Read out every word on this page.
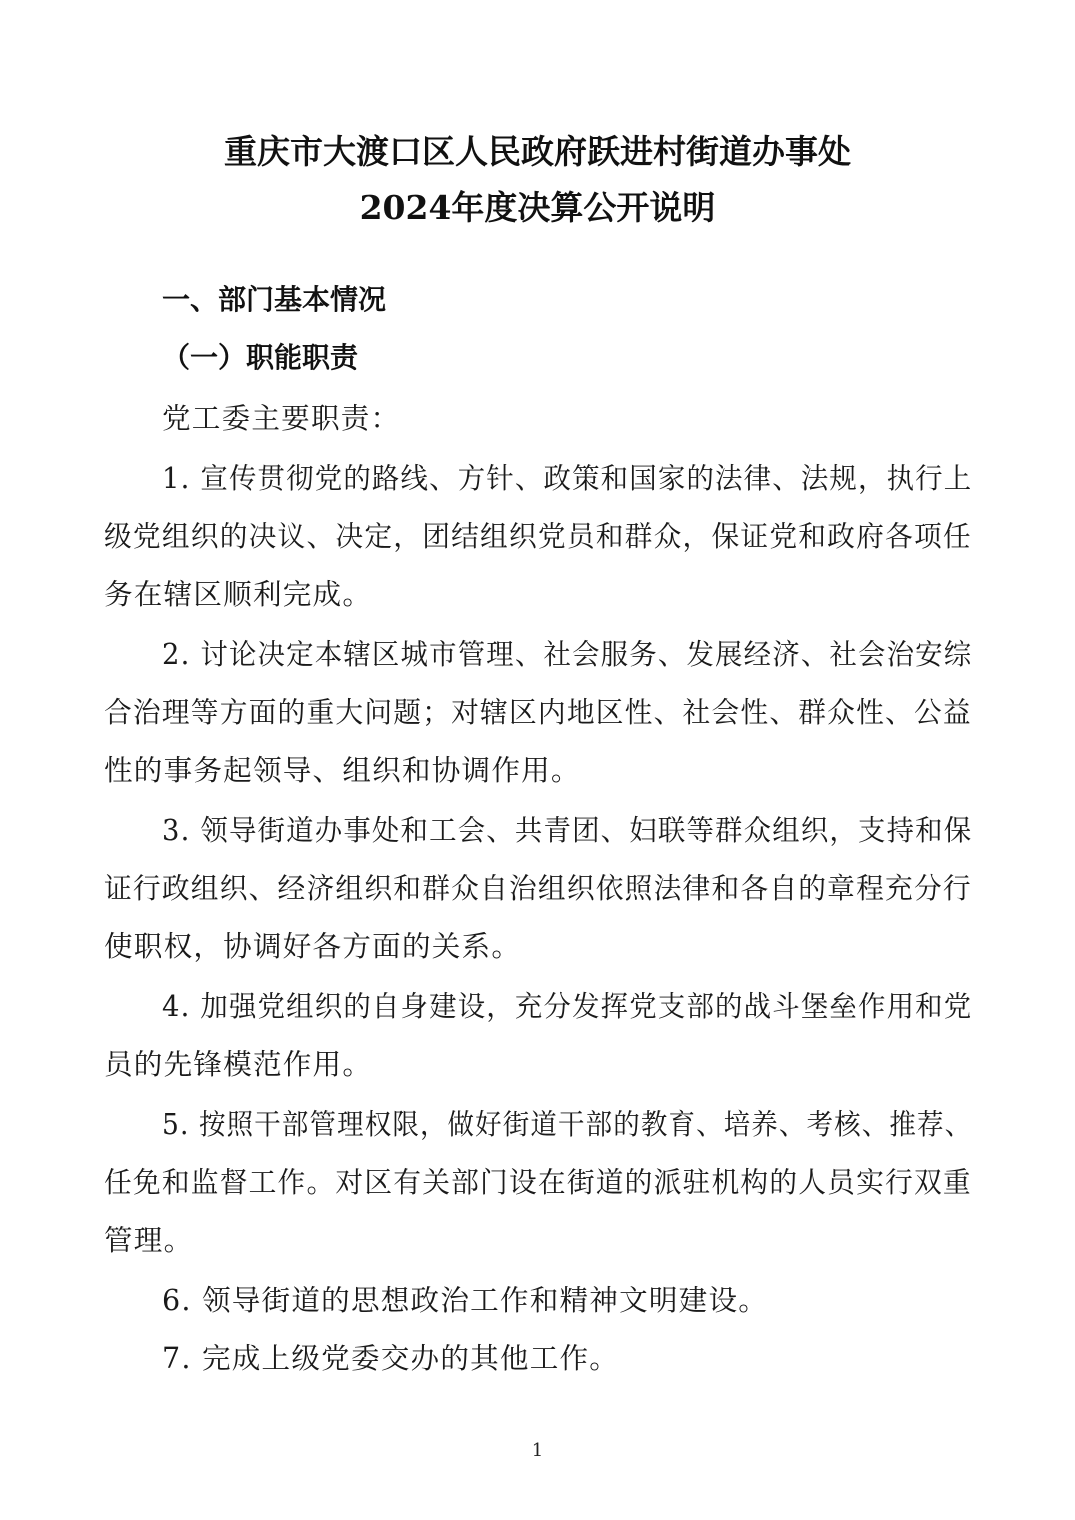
重庆市大渡口区人民政府跃进村街道办事处
2024年度决算公开说明
一、部门基本情况
（一）职能职责
党工委主要职责：
1. 宣传贯彻党的路线、方针、政策和国家的法律、法规，执行上
级党组织的决议、决定，团结组织党员和群众，保证党和政府各项任
务在辖区顺利完成。
2. 讨论决定本辖区城市管理、社会服务、发展经济、社会治安综
合治理等方面的重大问题；对辖区内地区性、社会性、群众性、公益
性的事务起领导、组织和协调作用。
3. 领导街道办事处和工会、共青团、妇联等群众组织，支持和保
证行政组织、经济组织和群众自治组织依照法律和各自的章程充分行
使职权，协调好各方面的关系。
4. 加强党组织的自身建设，充分发挥党支部的战斗堡垒作用和党
员的先锋模范作用。
5. 按照干部管理权限，做好街道干部的教育、培养、考核、推荐、
任免和监督工作。对区有关部门设在街道的派驻机构的人员实行双重
管理。
6. 领导街道的思想政治工作和精神文明建设。
7. 完成上级党委交办的其他工作。
1
